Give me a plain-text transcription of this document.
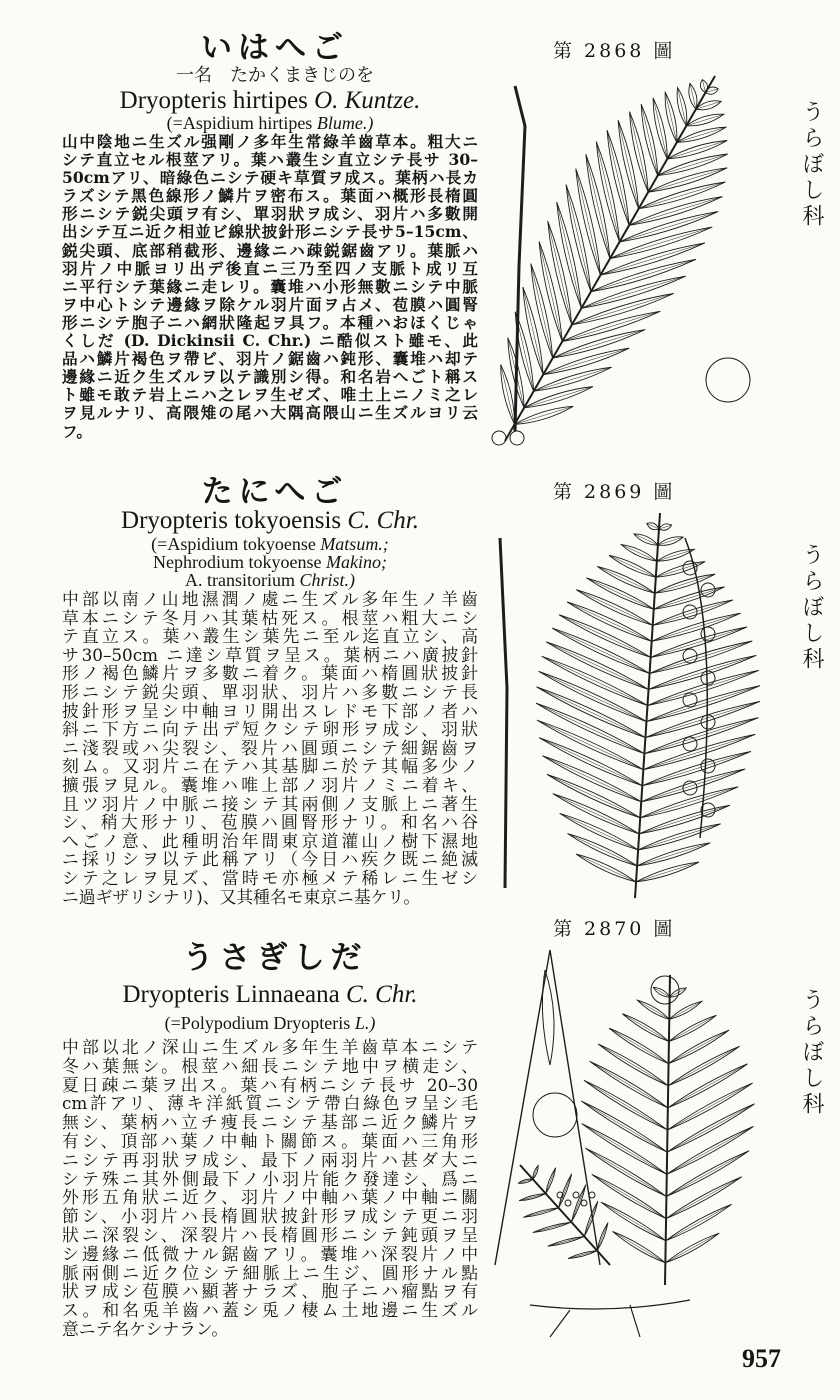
いはへご
一名　たかくまきじのを
Dryopteris hirtipes O. Kuntze.
(=Aspidium hirtipes Blume.)
山中陰地ニ生ズル强剛ノ多年生常綠羊齒草本。粗大ニ
シテ直立セル根莖アリ。葉ハ叢生シ直立シテ長サ 30–
50cmアリ、暗綠色ニシテ硬キ草質ヲ成ス。葉柄ハ長カ
ラズシテ黑色線形ノ鱗片ヲ密布ス。葉面ハ概形長楕圓
形ニシテ鋭尖頭ヲ有シ、單羽狀ヲ成シ、羽片ハ多數開
出シテ互ニ近ク相並ビ線狀披針形ニシテ長サ5–15cm、
鋭尖頭、底部稍截形、邊緣ニハ疎鋭鋸齒アリ。葉脈ハ
羽片ノ中脈ヨリ出デ後直ニ三乃至四ノ支脈ト成リ互
ニ平行シテ葉緣ニ走レリ。囊堆ハ小形無數ニシテ中脈
ヲ中心トシテ邊緣ヲ除ケル羽片面ヲ占メ、苞膜ハ圓腎
形ニシテ胞子ニハ網狀隆起ヲ具フ。本種ハおほくじゃ
くしだ (D. Dickinsii C. Chr.) ニ酷似スト雖モ、此
品ハ鱗片褐色ヲ帶ビ、羽片ノ鋸齒ハ鈍形、囊堆ハ却テ
邊緣ニ近ク生ズルヲ以テ識別シ得。和名岩へごト稱ス
ト雖モ敢テ岩上ニハ之レヲ生ゼズ、唯土上ニノミ之レ
ヲ見ルナリ、高隈雉の尾ハ大隅高隈山ニ生ズルヨリ云
フ。
たにへご
Dryopteris tokyoensis C. Chr.
(=Aspidium tokyoense Matsum.;
Nephrodium tokyoense Makino;
A. transitorium Christ.)
中部以南ノ山地濕潤ノ處ニ生ズル多年生ノ羊齒
草本ニシテ冬月ハ其葉枯死ス。根莖ハ粗大ニシ
テ直立ス。葉ハ叢生シ葉先ニ至ル迄直立シ、高
サ30–50cm ニ達シ草質ヲ呈ス。葉柄ニハ廣披針
形ノ褐色鱗片ヲ多數ニ着ク。葉面ハ楕圓狀披針
形ニシテ鋭尖頭、單羽狀、羽片ハ多數ニシテ長
披針形ヲ呈シ中軸ヨリ開出スレドモ下部ノ者ハ
斜ニ下方ニ向テ出デ短クシテ卵形ヲ成シ、羽狀
ニ淺裂或ハ尖裂シ、裂片ハ圓頭ニシテ細鋸齒ヲ
刻ム。又羽片ニ在テハ其基脚ニ於テ其幅多少ノ
擴張ヲ見ル。囊堆ハ唯上部ノ羽片ノミニ着キ、
且ツ羽片ノ中脈ニ接シテ其兩側ノ支脈上ニ著生
シ、稍大形ナリ、苞膜ハ圓腎形ナリ。和名ハ谷
へごノ意、此種明治年間東京道灌山ノ樹下濕地
ニ採リシヲ以テ此稱アリ（今日ハ疾ク既ニ絶滅
シテ之レヲ見ズ、當時モ亦極メテ稀レニ生ゼシ
ニ過ギザリシナリ)、又其種名モ東京ニ基ケリ。
うさぎしだ
Dryopteris Linnaeana C. Chr.
(=Polypodium Dryopteris L.)
中部以北ノ深山ニ生ズル多年生羊齒草本ニシテ
冬ハ葉無シ。根莖ハ細長ニシテ地中ヲ横走シ、
夏日疎ニ葉ヲ出ス。葉ハ有柄ニシテ長サ 20–30
cm許アリ、薄キ洋紙質ニシテ帶白綠色ヲ呈シ毛
無シ、葉柄ハ立チ痩長ニシテ基部ニ近ク鱗片ヲ
有シ、頂部ハ葉ノ中軸ト關節ス。葉面ハ三角形
ニシテ再羽狀ヲ成シ、最下ノ兩羽片ハ甚ダ大ニ
シテ殊ニ其外側最下ノ小羽片能ク發達シ、爲ニ
外形五角狀ニ近ク、羽片ノ中軸ハ葉ノ中軸ニ關
節シ、小羽片ハ長楕圓狀披針形ヲ成シテ更ニ羽
狀ニ深裂シ、深裂片ハ長楕圓形ニシテ鈍頭ヲ呈
シ邊緣ニ低微ナル鋸齒アリ。囊堆ハ深裂片ノ中
脈兩側ニ近ク位シテ細脈上ニ生ジ、圓形ナル點
狀ヲ成シ苞膜ハ顯著ナラズ、胞子ニハ瘤點ヲ有
ス。和名兎羊齒ハ蓋シ兎ノ棲ム土地邊ニ生ズル
意ニテ名ケシナラン。
第 2868 圖
第 2869 圖
第 2870 圖
うらぼし科
うらぼし科
うらぼし科
957
